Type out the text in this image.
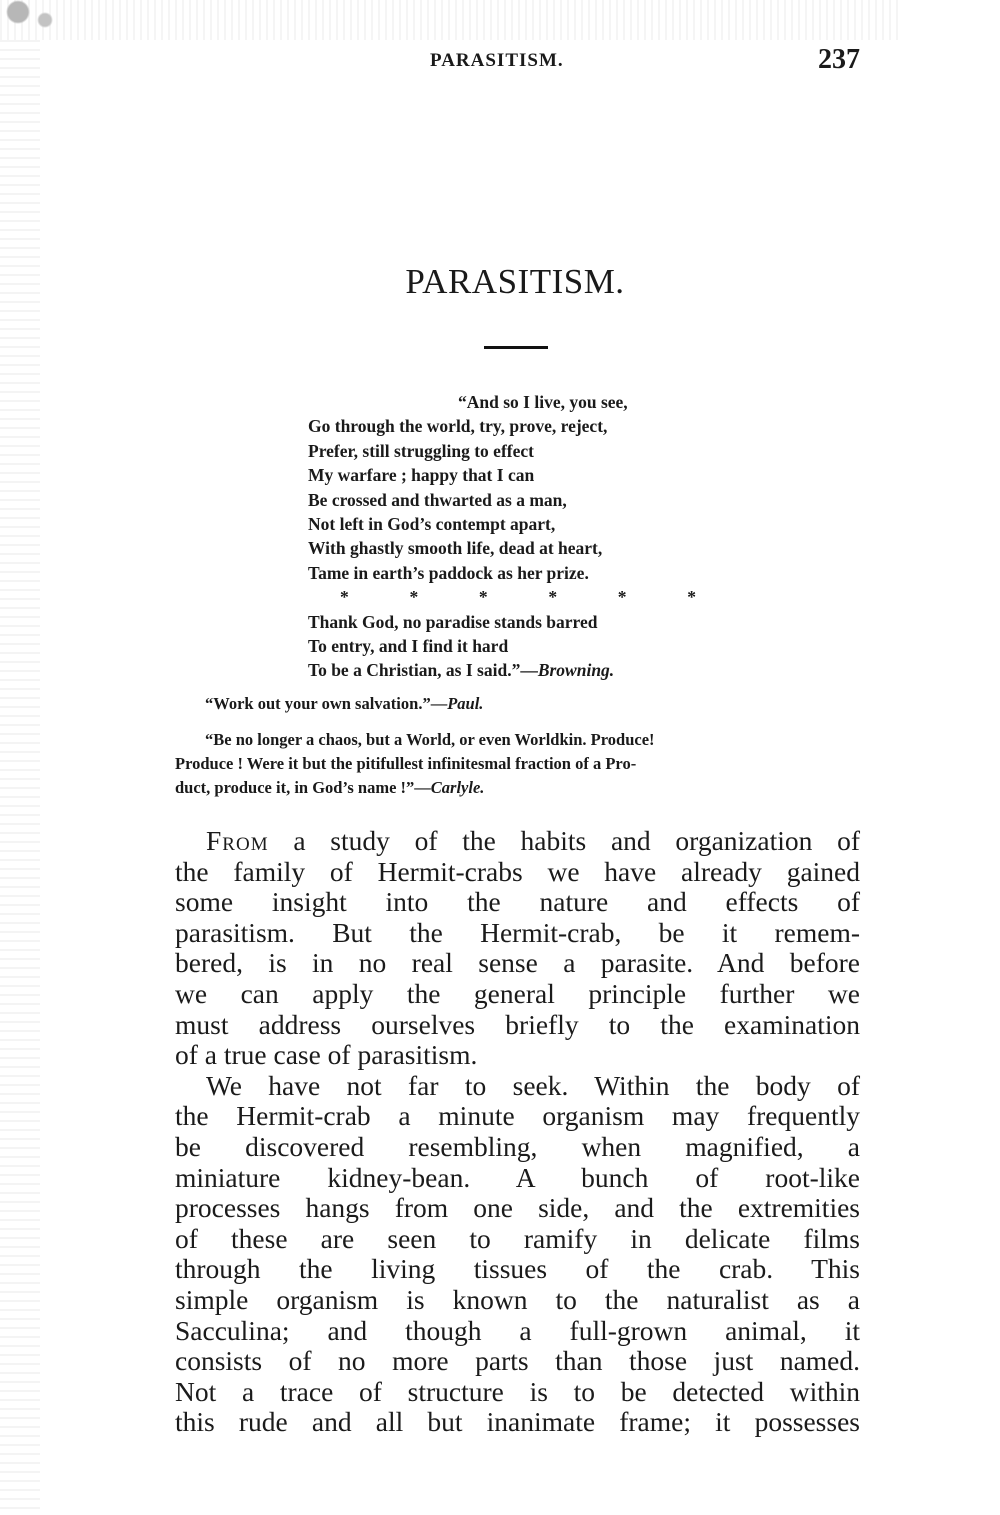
PARASITISM.	237
PARASITISM.
“And so I live, you see,
Go through the world, try, prove, reject,
Prefer, still struggling to effect
My warfare ; happy that I can
Be crossed and thwarted as a man,
Not left in God’s contempt apart,
With ghastly smooth life, dead at heart,
Tame in earth’s paddock as her prize.
*	*	*	*	*	*
Thank God, no paradise stands barred
To entry, and I find it hard
To be a Christian, as I said.”—Browning.
“Work out your own salvation.”—Paul.
“Be no longer a chaos, but a World, or even Worldkin. Produce!
Produce ! Were it but the pitifullest infinitesmal fraction of a Pro-
duct, produce it, in God’s name !”—Carlyle.
From a study of the habits and organization of
the family of Hermit-crabs we have already gained
some insight into the nature and effects of
parasitism. But the Hermit-crab, be it remem-
bered, is in no real sense a parasite. And before
we can apply the general principle further we
must address ourselves briefly to the examination
of a true case of parasitism.
We have not far to seek. Within the body of
the Hermit-crab a minute organism may frequently
be discovered resembling, when magnified, a
miniature kidney-bean. A bunch of root-like
processes hangs from one side, and the extremities
of these are seen to ramify in delicate films
through the living tissues of the crab. This
simple organism is known to the naturalist as a
Sacculina; and though a full-grown animal, it
consists of no more parts than those just named.
Not a trace of structure is to be detected within
this rude and all but inanimate frame; it possesses
